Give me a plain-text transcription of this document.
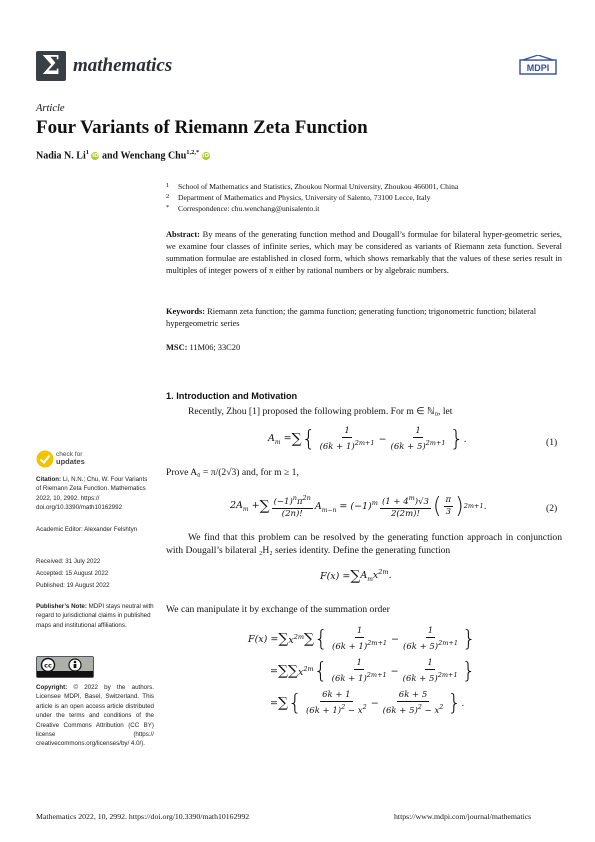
Σ mathematics	MDPI
Article
Four Variants of Riemann Zeta Function
Nadia N. Li$^1$ iD and Wenchang Chu$^{1,2,*}$ iD
1	School of Mathematics and Statistics, Zhoukou Normal University, Zhoukou 466001, China
2	Department of Mathematics and Physics, University of Salento, 73100 Lecce, Italy
*	Correspondence: chu.wenchang@unisalento.it
Abstract: By means of the generating function method and Dougall’s formulae for bilateral hyper-geometric series, we examine four classes of infinite series, which may be considered as variants of Riemann zeta function. Several summation formulae are established in closed form, which shows remarkably that the values of these series result in multiples of integer powers of π either by rational numbers or by algebraic numbers.
Keywords: Riemann zeta function; the gamma function; generating function; trigonometric function; bilateral hypergeometric series
MSC: 11M06; 33C20
1. Introduction and Motivation
Recently, Zhou [1] proposed the following problem. For m ∈ ℕ₀, let
$A_m$ = ∑ { $\frac{1}{(6k + 1)^{2m+1}} - \frac{1}{(6k + 5)^{2m+1}}$ } .	(1)
Prove A₀ = π/(2√3) and, for m ≥ 1,
$2A_m$ + ∑ $\frac{(-1)^n\pi^{2n}}{(2n)!} A_{m-n} = (-1)^m \frac{(1 + 4^m)√3}{2(2m)!}$ ( $\frac{\pi}{3}$ ) 2m+1 .	(2)
We find that this problem can be resolved by the generating function approach in conjunction with Dougall’s bilateral ₂H₂ series identity. Define the generating function
F(x) = ∑ $A_mx^{2m}$.
We can manipulate it by exchange of the summation order
F(x) = ∑ $x^{2m}$ ∑ { $\frac{1}{(6k + 1)^{2m+1}} - \frac{1}{(6k + 5)^{2m+1}}$ }
= ∑ ∑ $x^{2m}$ { $\frac{1}{(6k + 1)^{2m+1}} - \frac{1}{(6k + 5)^{2m+1}}$ }
= ∑ { $\frac{6k + 1}{(6k + 1)^2 - x^2} - \frac{6k + 5}{(6k + 5)^2 - x^2}$ } .
check for
updates
Citation: Li, N.N.; Chu, W. Four Variants of Riemann Zeta Function. Mathematics 2022, 10, 2992. https:// doi.org/10.3390/math10162992
Academic Editor: Alexander Felshtyn
Received: 31 July 2022
Accepted: 15 August 2022
Published: 19 August 2022
Publisher’s Note: MDPI stays neutral with regard to jurisdictional claims in published maps and institutional affiliations.
cc
Copyright: © 2022 by the authors. Licensee MDPI, Basel, Switzerland. This article is an open access article distributed under the terms and conditions of the Creative Commons Attribution (CC BY) license (https:// creativecommons.org/licenses/by/ 4.0/).
Mathematics 2022, 10, 2992. https://doi.org/10.3390/math10162992	https://www.mdpi.com/journal/mathematics
